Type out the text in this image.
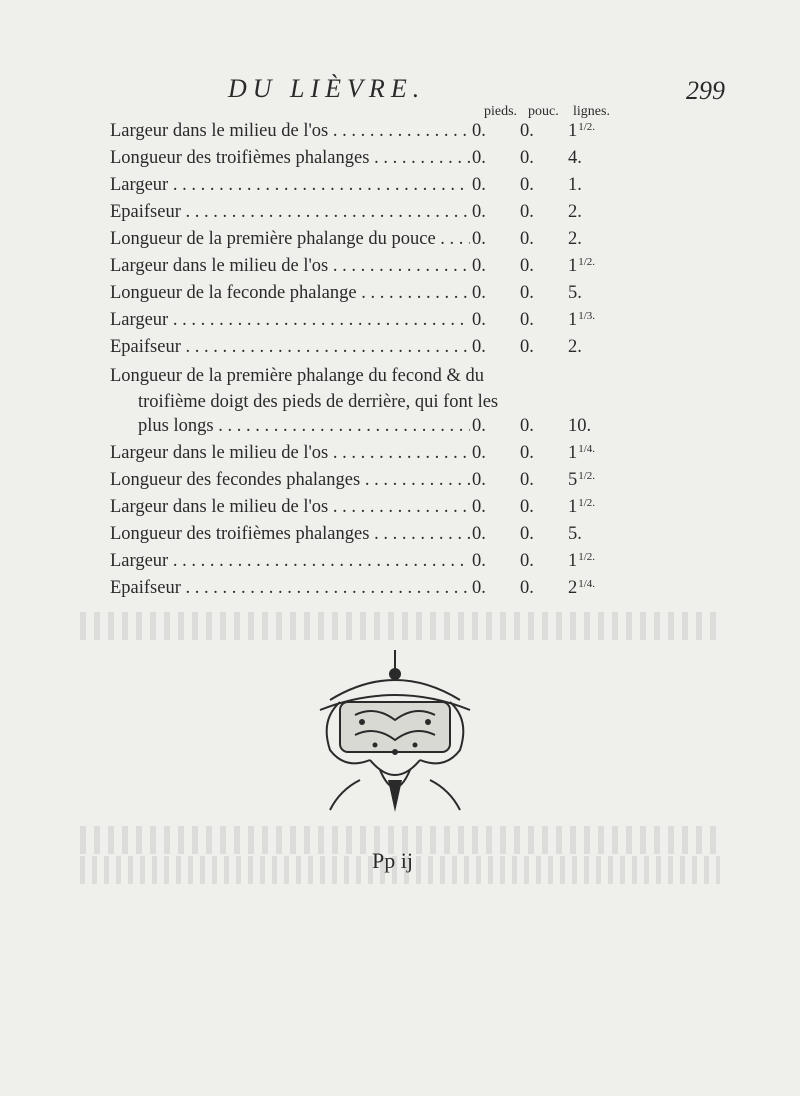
DU LIÈVRE.	299
pieds. pouc. lignes.
Largeur dans le milieu de l'os . . .	0. 0. $1^{1/2.}$
Longueur des troifièmes phalanges . . .	0. 0. 4.
Largeur . . .	0. 0. 1.
Epaifseur . . .	0. 0. 2.
Longueur de la première phalange du pouce . . .	0. 0. 2.
Largeur dans le milieu de l'os . . .	0. 0. $1^{1/2.}$
Longueur de la feconde phalange . . .	0. 0. 5.
Largeur . . .	0. 0. $1^{1/3.}$
Epaifseur . . .	0. 0. 2.
Longueur de la première phalange du fecond & du
troifième doigt des pieds de derrière, qui font les
plus longs . . .	0. 0. 10.
Largeur dans le milieu de l'os . . .	0. 0. $1^{1/4.}$
Longueur des fecondes phalanges . . .	0. 0. $5^{1/2.}$
Largeur dans le milieu de l'os . . .	0. 0. $1^{1/2.}$
Longueur des troifièmes phalanges . . .	0. 0. 5.
Largeur . . .	0. 0. $1^{1/2.}$
Epaifseur . . .	0. 0. $2^{1/4.}$
Pp ij
